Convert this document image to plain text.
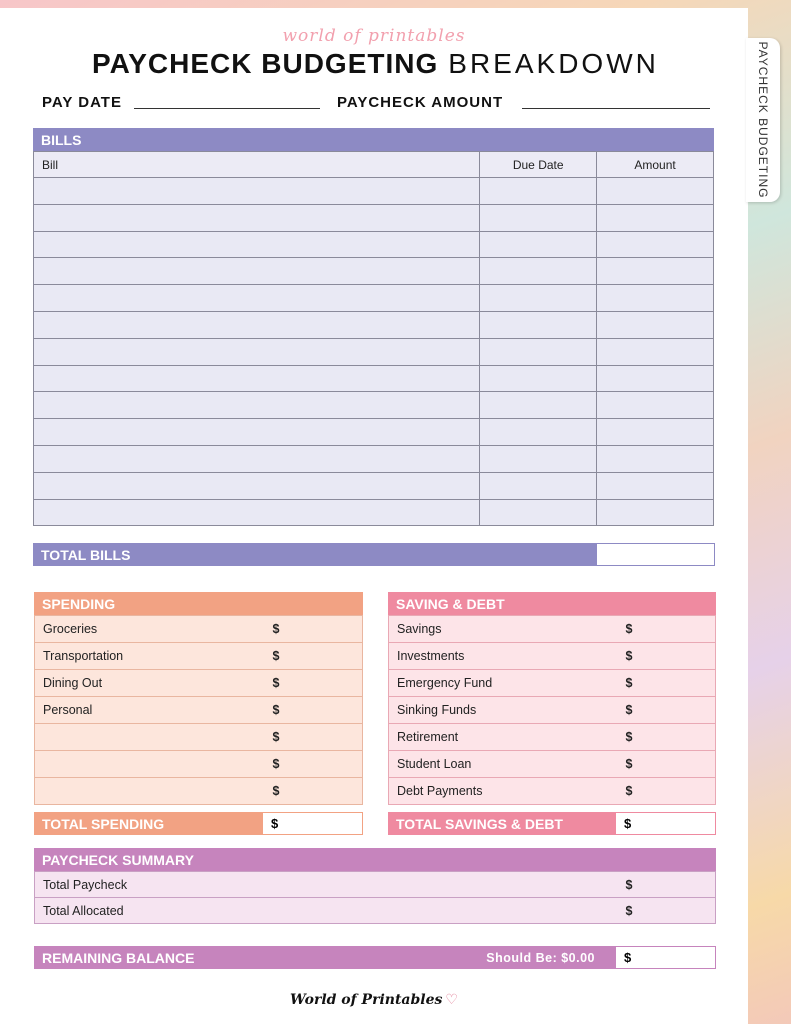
PAYCHECK BUDGETING
world of printables
PAYCHECK BUDGETING BREAKDOWN
PAY DATE	PAYCHECK AMOUNT
BILLS
Bill	Due Date	Amount

TOTAL BILLS
SPENDING
Groceries	$
Transportation	$
Dining Out	$
Personal	$
	$
	$
	$
TOTAL SPENDING	$
SAVING & DEBT
Savings	$
Investments	$
Emergency Fund	$
Sinking Funds	$
Retirement	$
Student Loan	$
Debt Payments	$
TOTAL SAVINGS & DEBT	$
PAYCHECK SUMMARY
Total Paycheck	$
Total Allocated	$
REMAINING BALANCE	Should Be: $0.00 $
World of Printables ♡
